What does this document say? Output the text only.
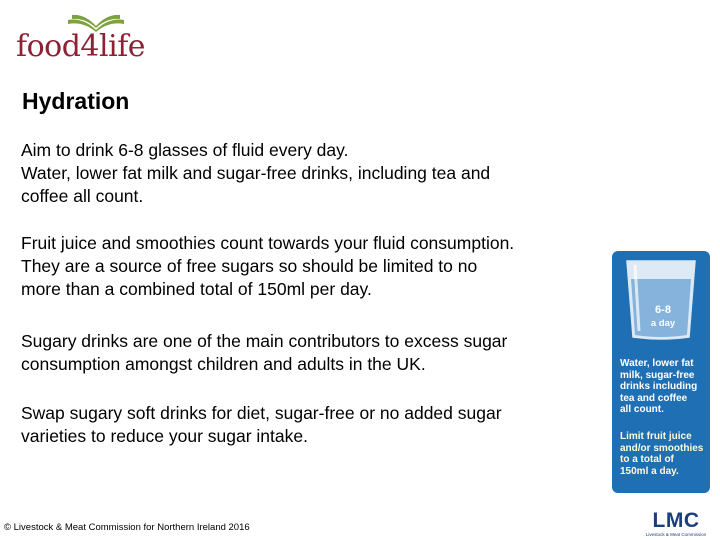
food4life
Hydration

Aim to drink 6-8 glasses of fluid every day.
Water, lower fat milk and sugar-free drinks, including tea and
coffee all count.

Fruit juice and smoothies count towards your fluid consumption.
They are a source of free sugars so should be limited to no
more than a combined total of 150ml per day.

Sugary drinks are one of the main contributors to excess sugar
consumption amongst children and adults in the UK.

Swap sugary soft drinks for diet, sugar-free or no added sugar
varieties to reduce your sugar intake.

6-8
a day
Water, lower fat
milk, sugar-free
drinks including
tea and coffee
all count.
Limit fruit juice
and/or smoothies
to a total of
150ml a day.
© Livestock & Meat Commission for Northern Ireland 2016	LMC
Livestock & Meat Commission
